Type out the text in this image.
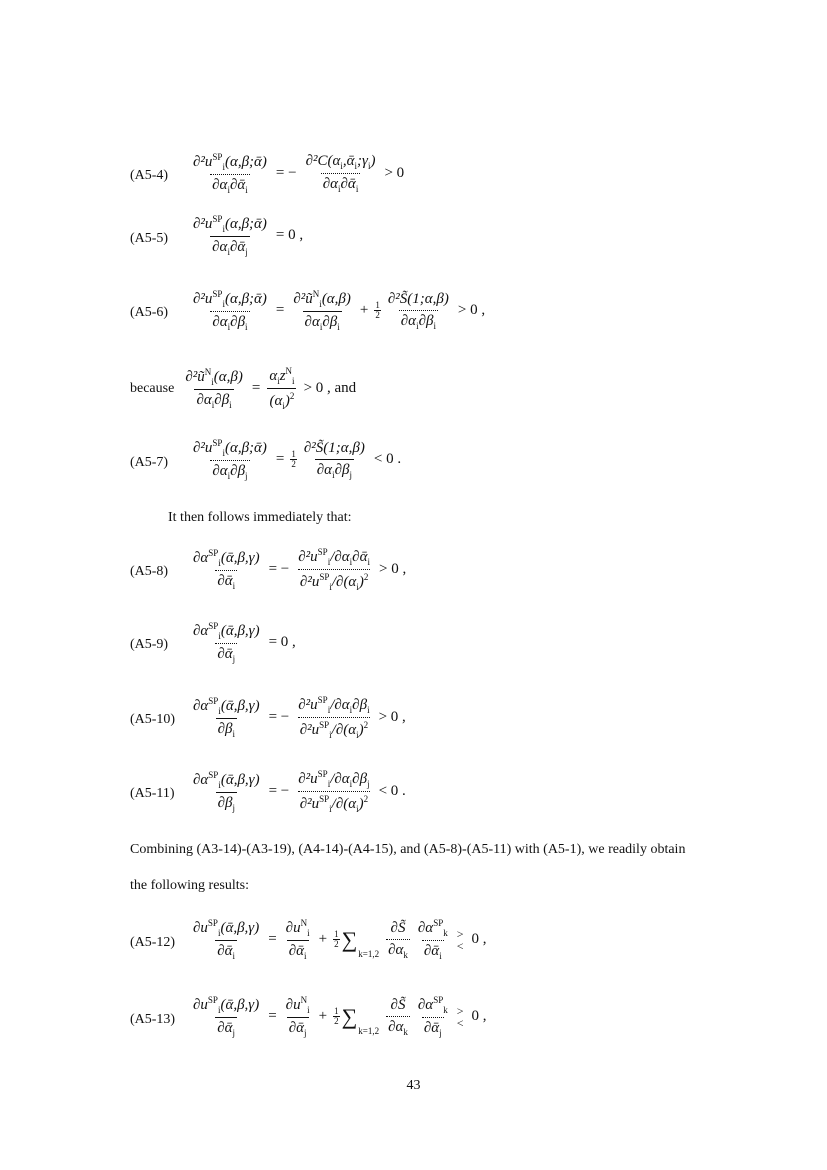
$(A5-4) \frac{\partial^2u^{SP}_i(\alpha,\beta;ᾱ)}{\partial\alpha_i\partial ᾱ_i}$ = − $\frac{\partial^2C(\alpha_i,ᾱ_i;\gamma_i)}{\partial\alpha_i\partial ᾱ_i} > 0$
$(A5-5) \frac{\partial^2u^{SP}_i(\alpha,\beta;ᾱ)}{\partial\alpha_i\partial ᾱ_j} = 0$ ,
$(A5-6) \frac{\partial^2u^{SP}_i(\alpha,\beta;ᾱ)}{\partial\alpha_i\partial\beta_i} = \frac{\partial^2ũ^N_i(\alpha,\beta)}{\partial\alpha_i\partial\beta_i} + \frac{1}{2} \frac{\text{∂²S̃(1;α,β)}}{\partial\alpha_i\partial\beta_i} > 0$ ,
because $\frac{\partial^2ũ^N_i(\alpha,\beta)}{\partial\alpha_i\partial\beta_i} = \frac{\alpha_iz^N_i}{(\alpha_i)^2} > 0$ , and
$(A5-7) \frac{\partial^2u^{SP}_i(\alpha,\beta;ᾱ)}{\partial\alpha_i\partial\beta_j} = \frac{1}{2} \frac{\text{∂²S̃(1;α,β)}}{\partial\alpha_i\partial\beta_j} < 0$ .
It then follows immediately that:
$(A5-8) \frac{\partial\alpha^{SP}_i(ᾱ,\beta,\gamma)}{\partial ᾱ_i}$ = − $\frac{\partial^2u^{SP}_i/\partial\alpha_i\partial ᾱ_i}{\partial^2u^{SP}_i/\partial(\alpha_i)^2} > 0$ ,
$(A5-9) \frac{\partial\alpha^{SP}_i(ᾱ,\beta,\gamma)}{\partial ᾱ_j} = 0$ ,
$(A5-10) \frac{\partial\alpha^{SP}_i(ᾱ,\beta,\gamma)}{\partial\beta_i}$ = − $\frac{\partial^2u^{SP}_i/\partial\alpha_i\partial\beta_i}{\partial^2u^{SP}_i/\partial(\alpha_i)^2} > 0$ ,
$(A5-11) \frac{\partial\alpha^{SP}_i(ᾱ,\beta,\gamma)}{\partial\beta_j}$ = − $\frac{\partial^2u^{SP}_i/\partial\alpha_i\partial\beta_j}{\partial^2u^{SP}_i/\partial(\alpha_i)^2} < 0$ .
Combining (A3-14)-(A3-19), (A4-14)-(A4-15), and (A5-8)-(A5-11) with (A5-1), we readily obtain
the following results:
$(A5-12) \frac{\partial u^{SP}_i(ᾱ,\beta,\gamma)}{\partial ᾱ_i} = \frac{\partial u^N_i}{\partial ᾱ_i} + \frac{1}{2}$ ∑
$k=1,2 \frac{\partial S̃}{\partial\alpha_k} \frac{\partial\alpha^{SP}_k}{\partial ᾱ_i}$ >
< 0 ,
$(A5-13) \frac{\partial u^{SP}_i(ᾱ,\beta,\gamma)}{\partial ᾱ_j} = \frac{\partial u^N_i}{\partial ᾱ_j} + \frac{1}{2}$ ∑
$k=1,2 \frac{\partial S̃}{\partial\alpha_k} \frac{\partial\alpha^{SP}_k}{\partial ᾱ_j}$ >
< 0 ,
43
